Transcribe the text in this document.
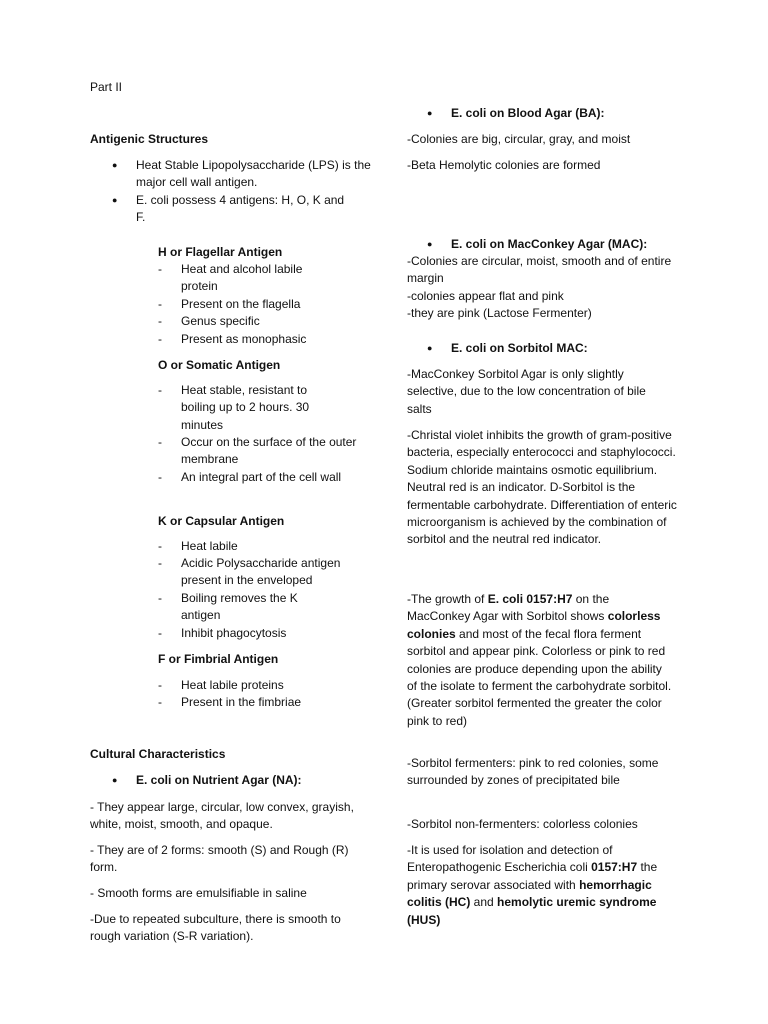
Part II
Antigenic Structures
● Heat Stable Lipopolysaccharide (LPS) is the major cell wall antigen.
● E. coli possess 4 antigens: H, O, K and F.
H or Flagellar Antigen
- Heat and alcohol labile protein
- Present on the flagella
- Genus specific
- Present as monophasic
O or Somatic Antigen
- Heat stable, resistant to boiling up to 2 hours. 30 minutes
- Occur on the surface of the outer membrane
- An integral part of the cell wall
K or Capsular Antigen
- Heat labile
- Acidic Polysaccharide antigen present in the enveloped
- Boiling removes the K antigen
- Inhibit phagocytosis
F or Fimbrial Antigen
- Heat labile proteins
- Present in the fimbriae
Cultural Characteristics
● E. coli on Nutrient Agar (NA):
- They appear large, circular, low convex, grayish, white, moist, smooth, and opaque.
- They are of 2 forms: smooth (S) and Rough (R) form.
- Smooth forms are emulsifiable in saline
-Due to repeated subculture, there is smooth to rough variation (S-R variation).
● E. coli on Blood Agar (BA):
-Colonies are big, circular, gray, and moist
-Beta Hemolytic colonies are formed
● E. coli on MacConkey Agar (MAC):
-Colonies are circular, moist, smooth and of entire margin
-colonies appear flat and pink
-they are pink (Lactose Fermenter)
● E. coli on Sorbitol MAC:
-MacConkey Sorbitol Agar is only slightly selective, due to the low concentration of bile salts
-Christal violet inhibits the growth of gram-positive bacteria, especially enterococci and staphylococci. Sodium chloride maintains osmotic equilibrium. Neutral red is an indicator. D-Sorbitol is the fermentable carbohydrate. Differentiation of enteric microorganism is achieved by the combination of sorbitol and the neutral red indicator.
-The growth of E. coli 0157:H7 on the MacConkey Agar with Sorbitol shows colorless colonies and most of the fecal flora ferment sorbitol and appear pink. Colorless or pink to red colonies are produce depending upon the ability of the isolate to ferment the carbohydrate sorbitol. (Greater sorbitol fermented the greater the color pink to red)
-Sorbitol fermenters: pink to red colonies, some surrounded by zones of precipitated bile
-Sorbitol non-fermenters: colorless colonies
-It is used for isolation and detection of Enteropathogenic Escherichia coli 0157:H7 the primary serovar associated with hemorrhagic colitis (HC) and hemolytic uremic syndrome (HUS)
